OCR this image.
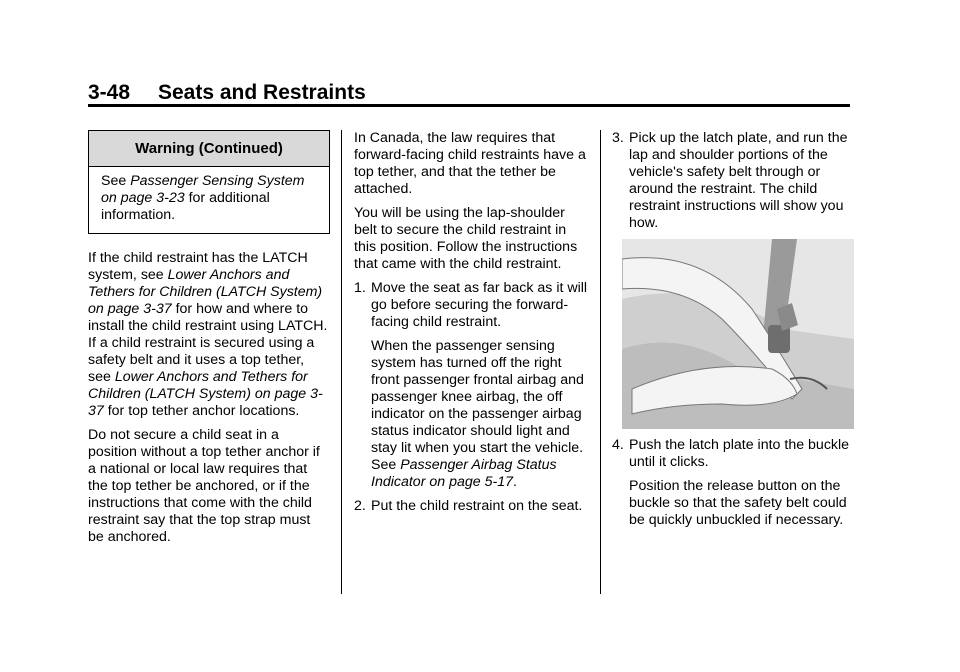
3-48 Seats and Restraints
Warning (Continued)
See Passenger Sensing System on page 3-23 for additional information.

If the child restraint has the LATCH system, see Lower Anchors and Tethers for Children (LATCH System) on page 3-37 for how and where to install the child restraint using LATCH. If a child restraint is secured using a safety belt and it uses a top tether, see Lower Anchors and Tethers for Children (LATCH System) on page 3-37 for top tether anchor locations.

Do not secure a child seat in a position without a top tether anchor if a national or local law requires that the top tether be anchored, or if the instructions that come with the child restraint say that the top strap must be anchored.

In Canada, the law requires that forward-facing child restraints have a top tether, and that the tether be attached.

You will be using the lap-shoulder belt to secure the child restraint in this position. Follow the instructions that came with the child restraint.

1. Move the seat as far back as it will go before securing the forward-facing child restraint.

When the passenger sensing system has turned off the right front passenger frontal airbag and passenger knee airbag, the off indicator on the passenger airbag status indicator should light and stay lit when you start the vehicle. See Passenger Airbag Status Indicator on page 5-17.

2. Put the child restraint on the seat.

3. Pick up the latch plate, and run the lap and shoulder portions of the vehicle's safety belt through or around the restraint. The child restraint instructions will show you how.

4. Push the latch plate into the buckle until it clicks.

Position the release button on the buckle so that the safety belt could be quickly unbuckled if necessary.
